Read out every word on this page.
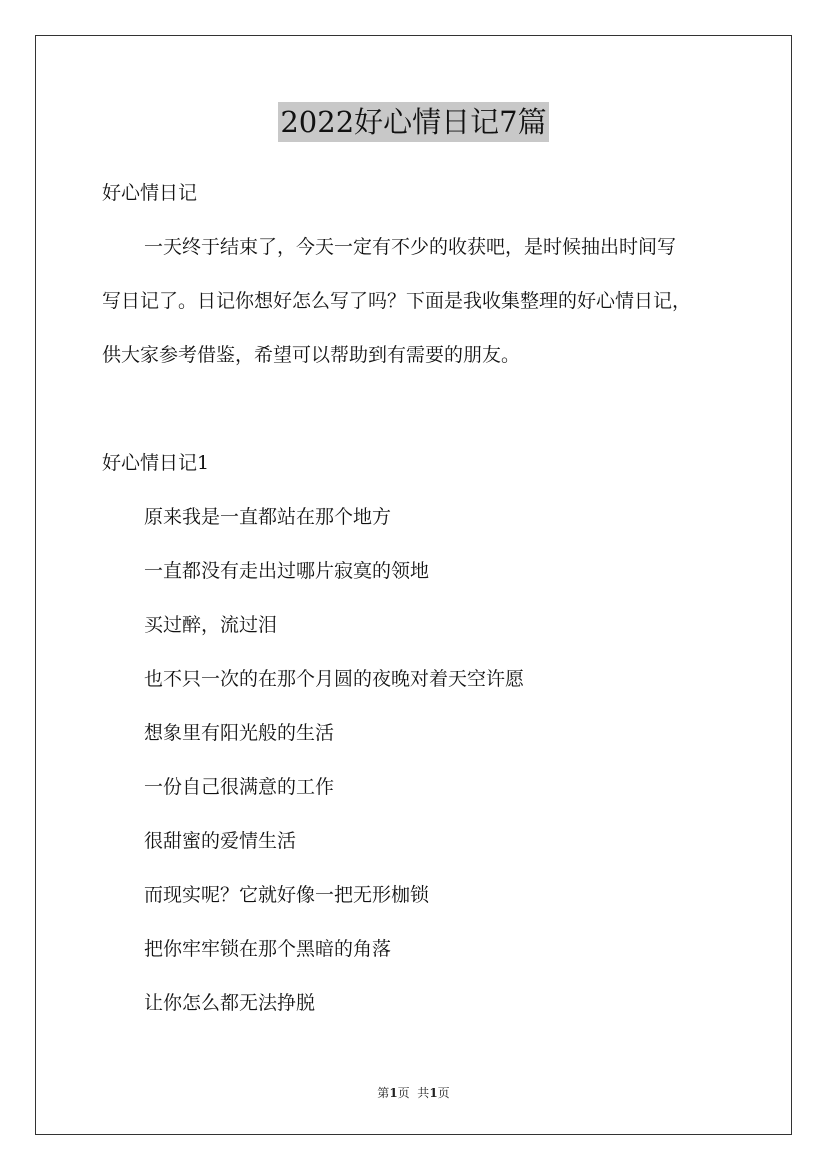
2022好心情日记7篇
好心情日记
一天终于结束了，今天一定有不少的收获吧，是时候抽出时间写
写日记了。日记你想好怎么写了吗？下面是我收集整理的好心情日记，
供大家参考借鉴，希望可以帮助到有需要的朋友。
好心情日记1
原来我是一直都站在那个地方
一直都没有走出过哪片寂寞的领地
买过醉，流过泪
也不只一次的在那个月圆的夜晚对着天空许愿
想象里有阳光般的生活
一份自己很满意的工作
很甜蜜的爱情生活
而现实呢？它就好像一把无形枷锁
把你牢牢锁在那个黑暗的角落
让你怎么都无法挣脱
第1页  共1页
